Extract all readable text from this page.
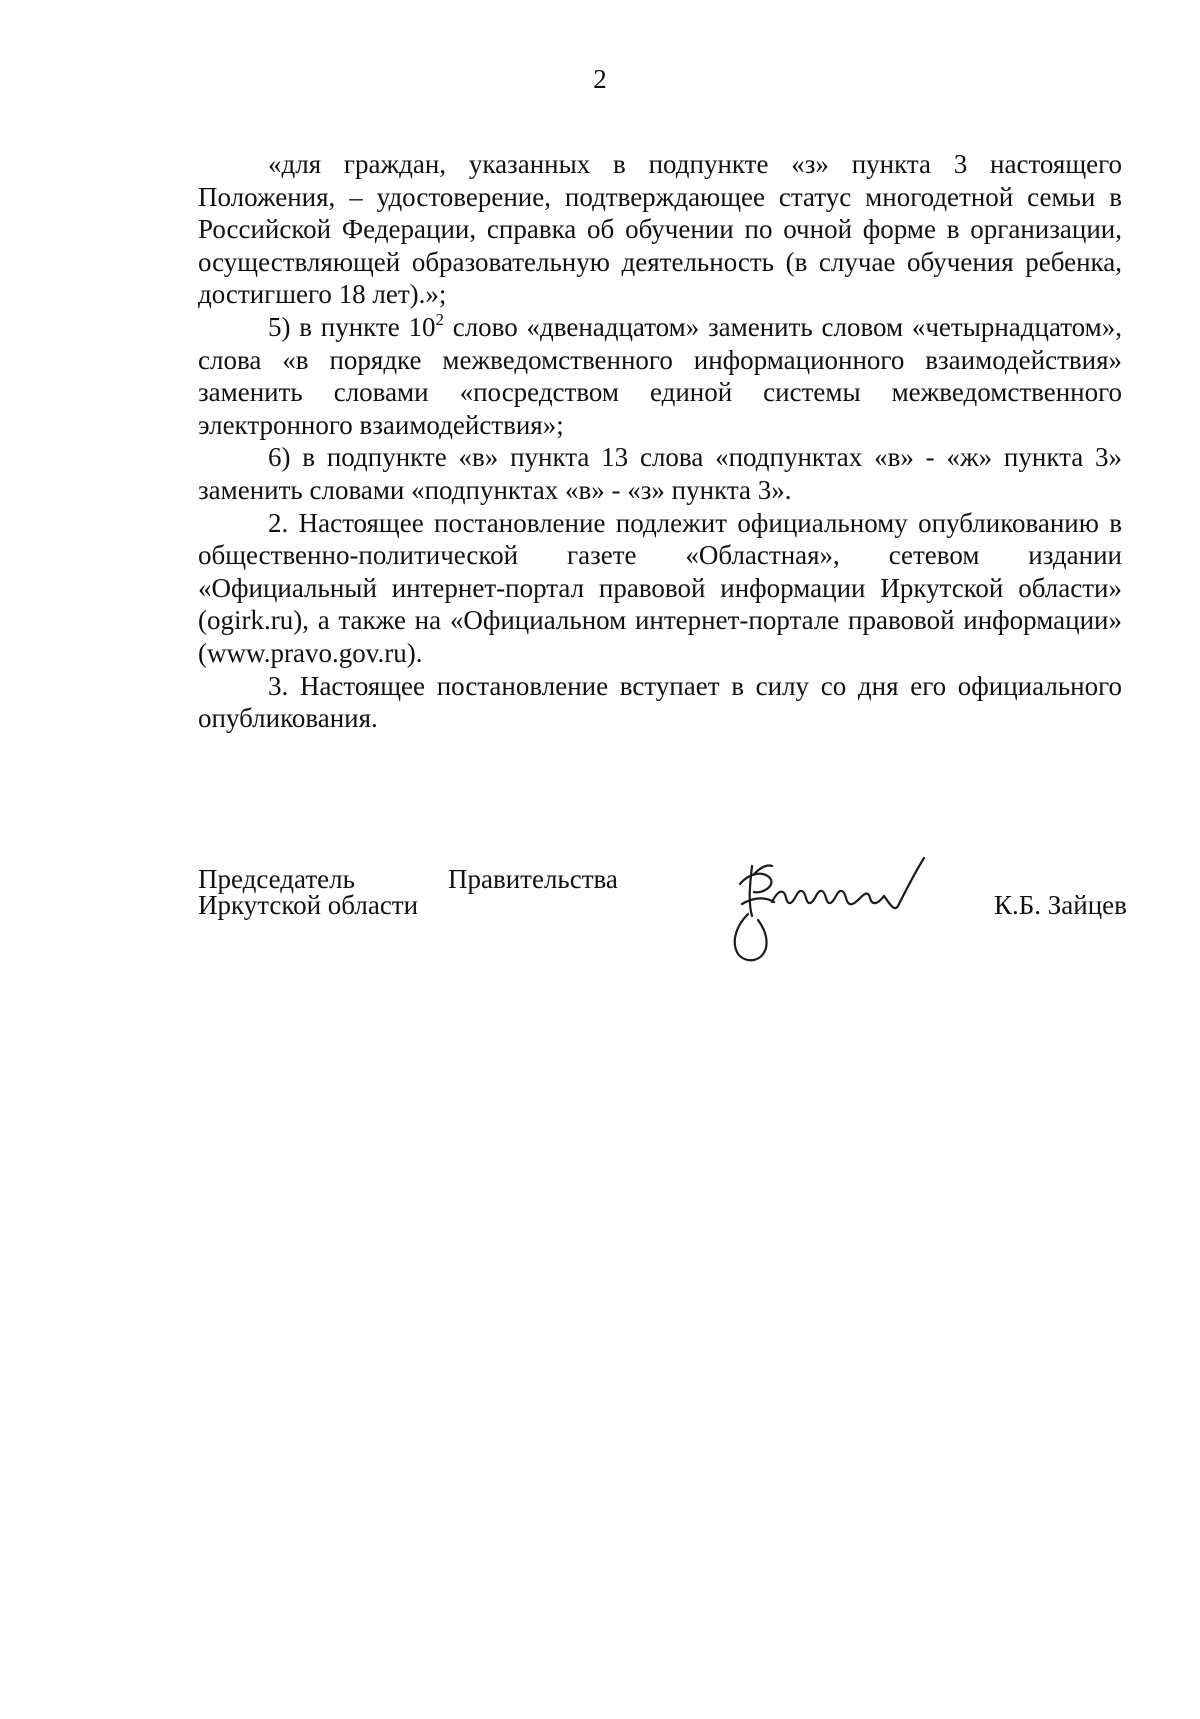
2

«для граждан, указанных в подпункте «з» пункта 3 настоящего Положения, – удостоверение, подтверждающее статус многодетной семьи в Российской Федерации, справка об обучении по очной форме в организации, осуществляющей образовательную деятельность (в случае обучения ребенка, достигшего 18 лет).»;

5) в пункте $10^2$ слово «двенадцатом» заменить словом «четырнадцатом», слова «в порядке межведомственного информационного взаимодействия» заменить словами «посредством единой системы межведомственного электронного взаимодействия»;

6) в подпункте «в» пункта 13 слова «подпунктах «в» - «ж» пункта 3» заменить словами «подпунктах «в» - «з» пункта 3».

2. Настоящее постановление подлежит официальному опубликованию в общественно-политической газете «Областная», сетевом издании «Официальный интернет-портал правовой информации Иркутской области» (ogirk.ru), а также на «Официальном интернет-портале правовой информации» (www.pravo.gov.ru).

3. Настоящее постановление вступает в силу со дня его официального опубликования.

Председатель	Правительства
Иркутской области	К.Б. Зайцев
